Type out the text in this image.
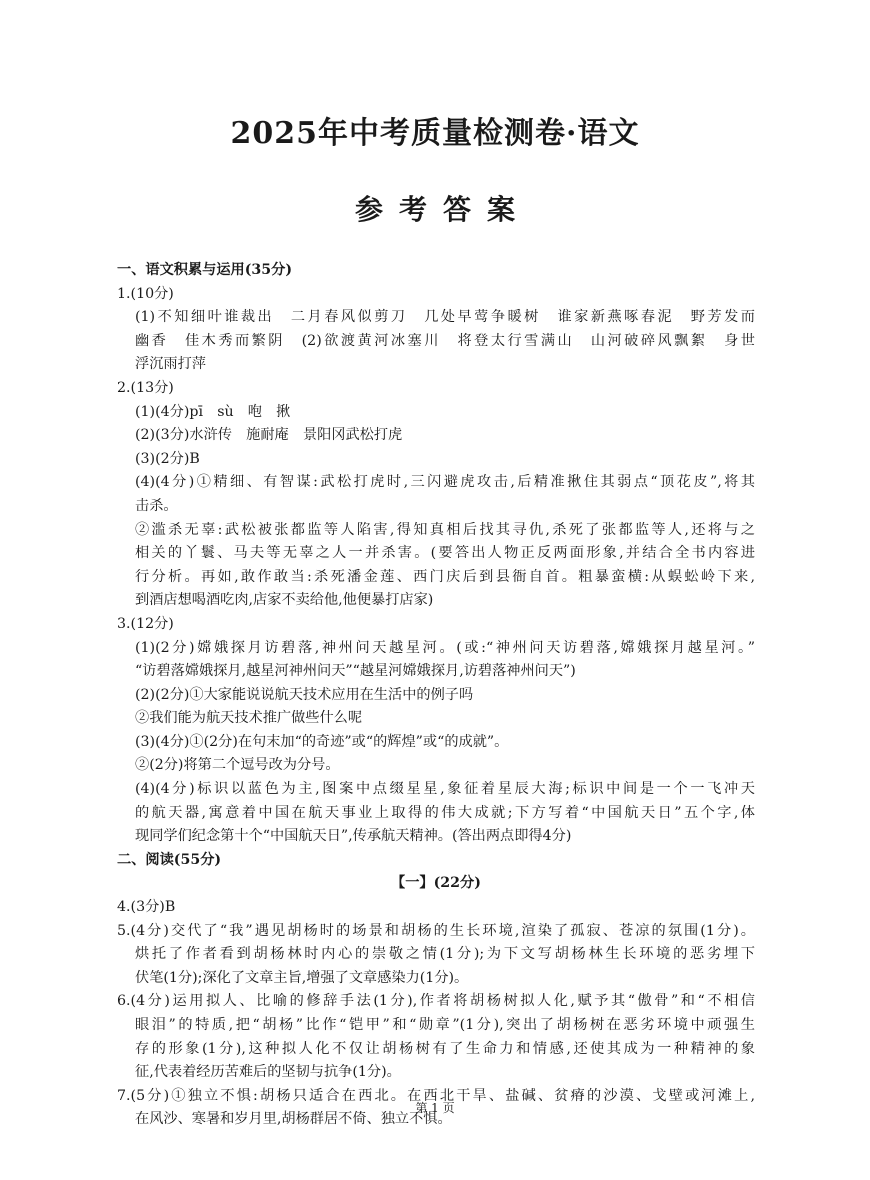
2025年中考质量检测卷·语文
参考答案
一、语文积累与运用(35分)
1.(10分)
(1)不知细叶谁裁出　二月春风似剪刀　几处早莺争暖树　谁家新燕啄春泥　野芳发而
幽香　佳木秀而繁阴　(2)欲渡黄河冰塞川　将登太行雪满山　山河破碎风飘絮　身世
浮沉雨打萍
2.(13分)
(1)(4分)pī　sù　咆　揪
(2)(3分)水浒传　施耐庵　景阳冈武松打虎
(3)(2分)B
(4)(4分)①精细、有智谋:武松打虎时,三闪避虎攻击,后精准揪住其弱点“顶花皮”,将其
击杀。
②滥杀无辜:武松被张都监等人陷害,得知真相后找其寻仇,杀死了张都监等人,还将与之
相关的丫鬟、马夫等无辜之人一并杀害。(要答出人物正反两面形象,并结合全书内容进
行分析。再如,敢作敢当:杀死潘金莲、西门庆后到县衙自首。粗暴蛮横:从蜈蚣岭下来,
到酒店想喝酒吃肉,店家不卖给他,他便暴打店家)
3.(12分)
(1)(2分)嫦娥探月访碧落,神州问天越星河。(或:“神州问天访碧落,嫦娥探月越星河。”
“访碧落嫦娥探月,越星河神州问天”“越星河嫦娥探月,访碧落神州问天”)
(2)(2分)①大家能说说航天技术应用在生活中的例子吗
②我们能为航天技术推广做些什么呢
(3)(4分)①(2分)在句末加“的奇迹”或“的辉煌”或“的成就”。
②(2分)将第二个逗号改为分号。
(4)(4分)标识以蓝色为主,图案中点缀星星,象征着星辰大海;标识中间是一个一飞冲天
的航天器,寓意着中国在航天事业上取得的伟大成就;下方写着“中国航天日”五个字,体
现同学们纪念第十个“中国航天日”,传承航天精神。(答出两点即得4分)
二、阅读(55分)
【一】(22分)
4.(3分)B
5.(4分)交代了“我”遇见胡杨时的场景和胡杨的生长环境,渲染了孤寂、苍凉的氛围(1分)。
烘托了作者看到胡杨林时内心的崇敬之情(1分);为下文写胡杨林生长环境的恶劣埋下
伏笔(1分);深化了文章主旨,增强了文章感染力(1分)。
6.(4分)运用拟人、比喻的修辞手法(1分),作者将胡杨树拟人化,赋予其“傲骨”和“不相信
眼泪”的特质,把“胡杨”比作“铠甲”和“勋章”(1分),突出了胡杨树在恶劣环境中顽强生
存的形象(1分),这种拟人化不仅让胡杨树有了生命力和情感,还使其成为一种精神的象
征,代表着经历苦难后的坚韧与抗争(1分)。
7.(5分)①独立不惧:胡杨只适合在西北。在西北干旱、盐碱、贫瘠的沙漠、戈壁或河滩上,
在风沙、寒暑和岁月里,胡杨群居不倚、独立不惧。
第 1 页
